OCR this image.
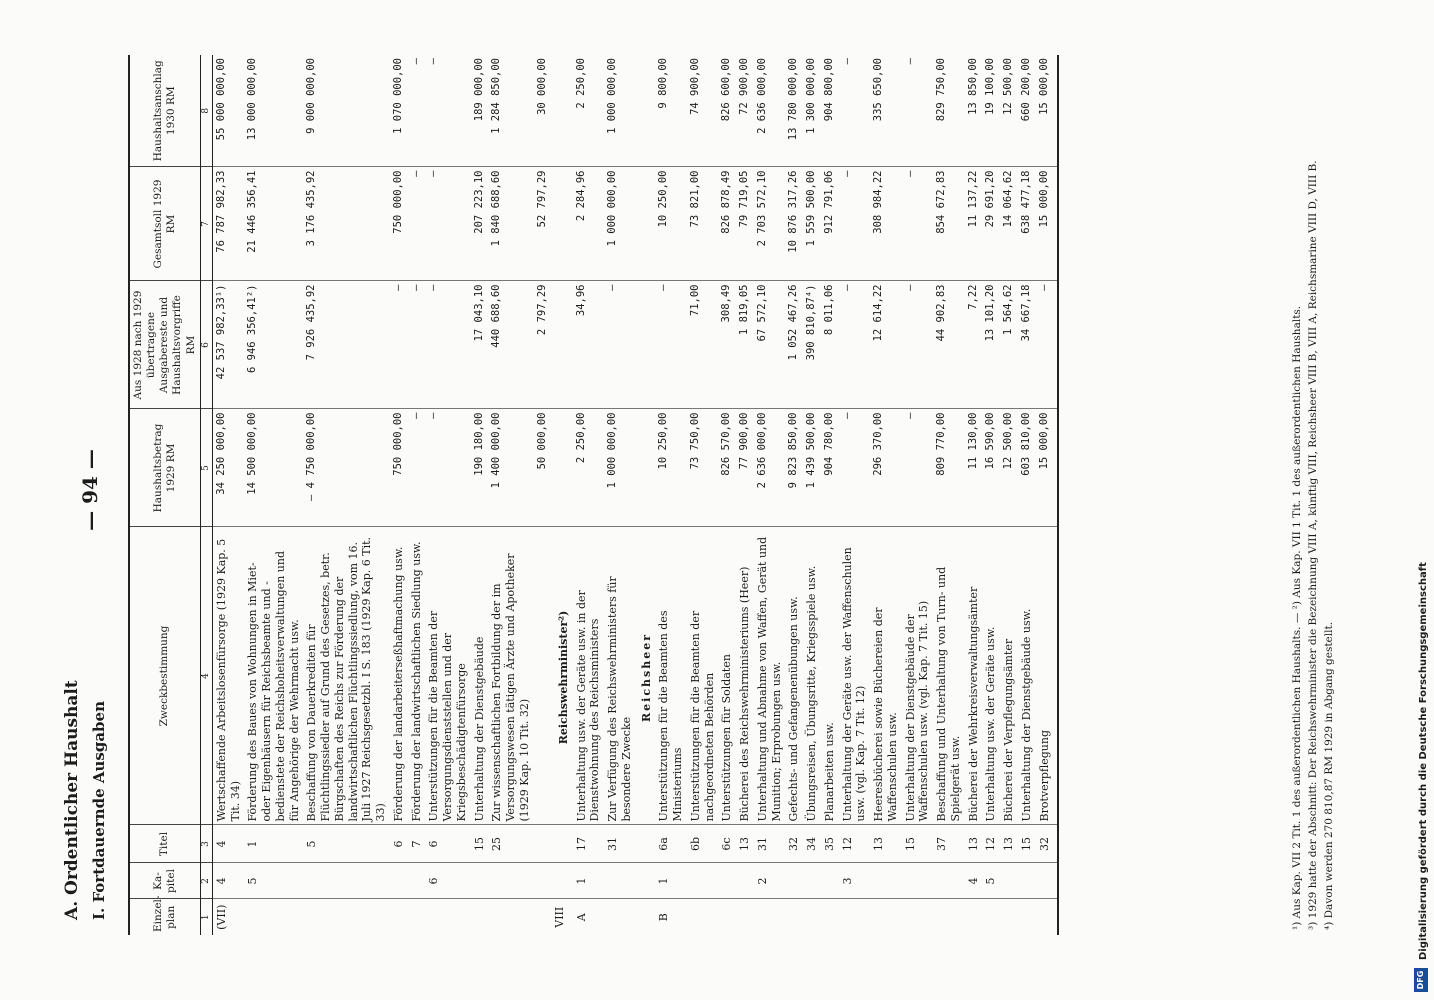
A. Ordentlicher Haushalt
— 94 —
I. Fortdauernde Ausgaben	Einzel-plan	Ka-pitel	Titel	Zweckbestimmung	Haushaltsbetrag 1929 RM	Aus 1928 nach 1929 übertragene Ausgabereste und Haushaltsvorgriffe RM	Gesamtsoll 1929 RM	Haushaltsanschlag 1930 RM
1	2	3	4	5	6	7	8
(VII)	4	4	Wertschaffende Arbeitslosenfürsorge (1929 Kap. 5 Tit. 34)	34 250 000,00	42 537 982,33¹)	76 787 982,33	55 000 000,00
	5	1	Förderung des Baues von Wohnungen in Miet- oder Eigenhäusern für Reichsbeamte und -bedienstete der Reichshoheitsverwaltungen und für Angehörige der Wehrmacht usw.	14 500 000,00	6 946 356,41²)	21 446 356,41	13 000 000,00
		5	Beschaffung von Dauerkrediten für Flüchtlingssiedler auf Grund des Gesetzes, betr. Bürgschaften des Reichs zur Förderung der landwirtschaftlichen Flüchtlingssiedlung, vom 16. Juli 1927 Reichsgesetzbl. I S. 183 (1929 Kap. 6 Tit. 33)	— 4 750 000,00	7 926 435,92	3 176 435,92	9 000 000,00
		6	Förderung der landarbeiterseßhaftmachung usw.	750 000,00	—	750 000,00	1 070 000,00
		7	Förderung der landwirtschaftlichen Siedlung usw.	—	—	—	—
	6	6	Unterstützungen für die Beamten der Versorgungsdienststellen und der Kriegsbeschädigtenfürsorge	—	—	—	—
		15	Unterhaltung der Dienstgebäude	190 180,00	17 043,10	207 223,10	189 000,00
		25	Zur wissenschaftlichen Fortbildung der im Versorgungswesen tätigen Ärzte und Apotheker (1929 Kap. 10 Tit. 32)	1 400 000,00	440 688,60	1 840 688,60	1 284 850,00
				50 000,00	2 797,29	52 797,29	30 000,00
VIII			Reichswehrminister²)				
A	1	17	Unterhaltung usw. der Geräte usw. in der Dienstwohnung des Reichsministers	2 250,00	34,96	2 284,96	2 250,00
		31	Zur Verfügung des Reichswehrministers für besondere Zwecke	1 000 000,00	—	1 000 000,00	1 000 000,00
			Reichsheer				
B	1	6a	Unterstützungen für die Beamten des Ministeriums	10 250,00	—	10 250,00	9 800,00
		6b	Unterstützungen für die Beamten der nachgeordneten Behörden	73 750,00	71,00	73 821,00	74 900,00
		6c	Unterstützungen für Soldaten	826 570,00	308,49	826 878,49	826 600,00
		13	Bücherei des Reichswehrministeriums (Heer)	77 900,00	1 819,05	79 719,05	72 900,00
	2	31	Unterhaltung und Abnahme von Waffen, Gerät und Munition; Erprobungen usw.	2 636 000,00	67 572,10	2 703 572,10	2 636 000,00
		32	Gefechts- und Gefangenenübungen usw.	9 823 850,00	1 052 467,26	10 876 317,26	13 780 000,00
		34	Übungsreisen, Übungsritte, Kriegsspiele usw.	1 439 500,00	390 810,87⁴)	1 559 500,00	1 300 000,00
		35	Planarbeiten usw.	904 780,00	8 011,06	912 791,06	904 800,00
	3	12	Unterhaltung der Geräte usw. der Waffenschulen usw. (vgl. Kap. 7 Tit. 12)	—	—	—	—
		13	Heeresbücherei sowie Büchereien der Waffenschulen usw.	296 370,00	12 614,22	308 984,22	335 650,00
		15	Unterhaltung der Dienstgebäude der Waffenschulen usw. (vgl. Kap. 7 Tit. 15)	—	—	—	—
		37	Beschaffung und Unterhaltung von Turn- und Spielgerät usw.	809 770,00	44 902,83	854 672,83	829 750,00
	4	13	Bücherei der Wehrkreisverwaltungsämter	11 130,00	7,22	11 137,22	13 850,00
	5	12	Unterhaltung usw. der Geräte usw.	16 590,00	13 101,20	29 691,20	19 100,00
		13	Bücherei der Verpflegungsämter	12 500,00	1 564,62	14 064,62	12 500,00
		15	Unterhaltung der Dienstgebäude usw.	603 810,00	34 667,18	638 477,18	660 200,00
		32	Brotverpflegung	15 000,00	—	15 000,00	15 000,00
¹) Aus Kap. VII 2 Tit. 1 des außerordentlichen Haushalts. — ²) Aus Kap. VII 1 Tit. 1 des außerordentlichen Haushalts. ³) 1929 hatte der Abschnitt: Der Reichswehrminister die Bezeichnung VIII A, künftig VIII, Reichsheer VIII B, VIII A, Reichsmarine VIII D, VIII B. ⁴) Davon werden 270 810,87 RM 1929 in Abgang gestellt.
DFG
Digitalisierung gefördert durch die Deutsche Forschungsgemeinschaft
